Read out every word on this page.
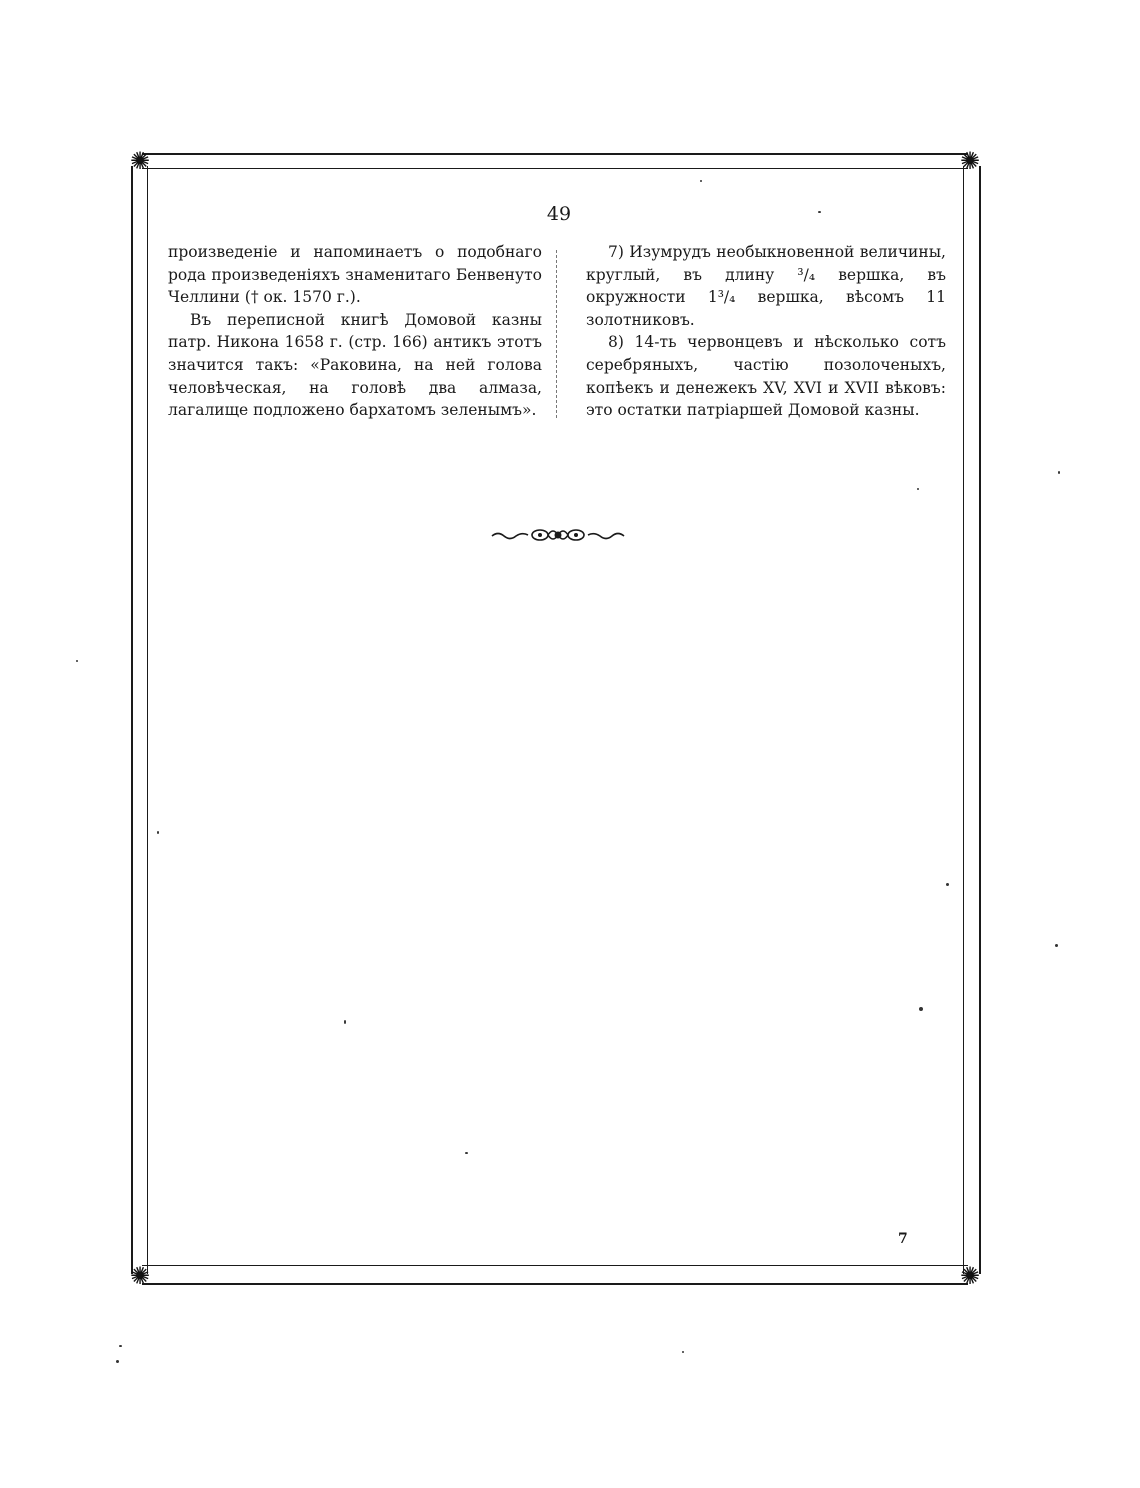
✺	✺
✺	✺
49

произведеніе и напоминаетъ о подобнаго рода произведеніяхъ знаменитаго Бенвенуто Челлини († ок. 1570 г.).

Въ переписной книгѣ Домовой казны патр. Никона 1658 г. (стр. 166) антикъ этотъ значится такъ: «Раковина, на ней голова человѣческая, на головѣ два алмаза, лагалище подложено бархатомъ зеленымъ».

7) Изумрудъ необыкновенной величины, круглый, въ длину ³/₄ вершка, въ окружности 1³/₄ вершка, вѣсомъ 11 золотниковъ.

8) 14-ть червонцевъ и нѣсколько сотъ серебряныхъ, частію позолоченыхъ, копѣекъ и денежекъ XV, XVI и XVII вѣковъ: это остатки патріаршей Домовой казны.

7
